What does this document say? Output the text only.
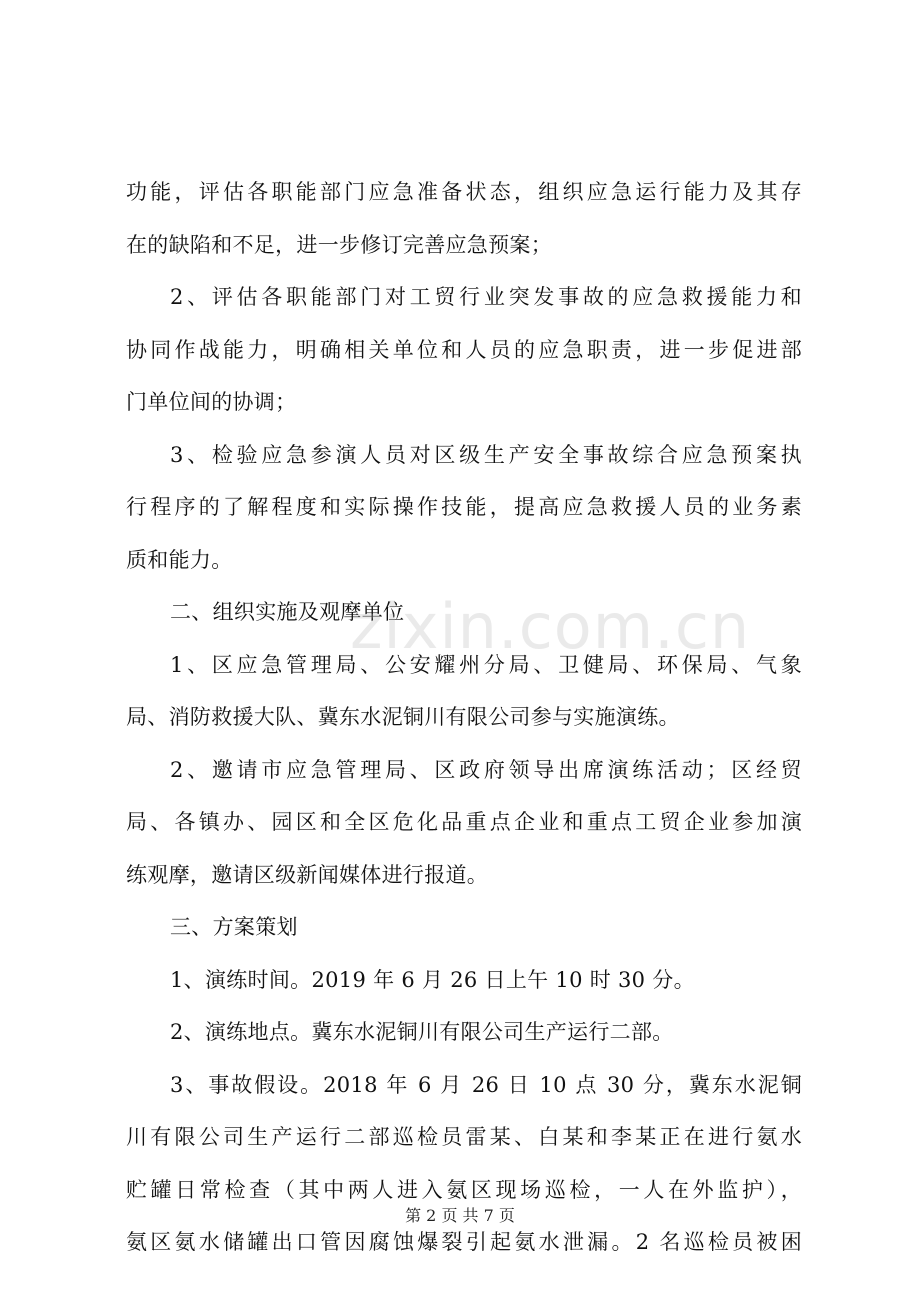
功能，评估各职能部门应急准备状态，组织应急运行能力及其存
在的缺陷和不足，进一步修订完善应急预案；
2、评估各职能部门对工贸行业突发事故的应急救援能力和
协同作战能力，明确相关单位和人员的应急职责，进一步促进部
门单位间的协调；
3、检验应急参演人员对区级生产安全事故综合应急预案执
行程序的了解程度和实际操作技能，提高应急救援人员的业务素
质和能力。
二、组织实施及观摩单位
1、区应急管理局、公安耀州分局、卫健局、环保局、气象
局、消防救援大队、冀东水泥铜川有限公司参与实施演练。
2、邀请市应急管理局、区政府领导出席演练活动；区经贸
局、各镇办、园区和全区危化品重点企业和重点工贸企业参加演
练观摩，邀请区级新闻媒体进行报道。
三、方案策划
1、演练时间。2019 年 6 月 26 日上午 10 时 30 分。
2、演练地点。冀东水泥铜川有限公司生产运行二部。
3、事故假设。2018 年 6 月 26 日 10 点 30 分，冀东水泥铜
川有限公司生产运行二部巡检员雷某、白某和李某正在进行氨水
贮罐日常检查（其中两人进入氨区现场巡检，一人在外监护），
氨区氨水储罐出口管因腐蚀爆裂引起氨水泄漏。2 名巡检员被困
zixin.com.cn
第 2 页 共 7 页
